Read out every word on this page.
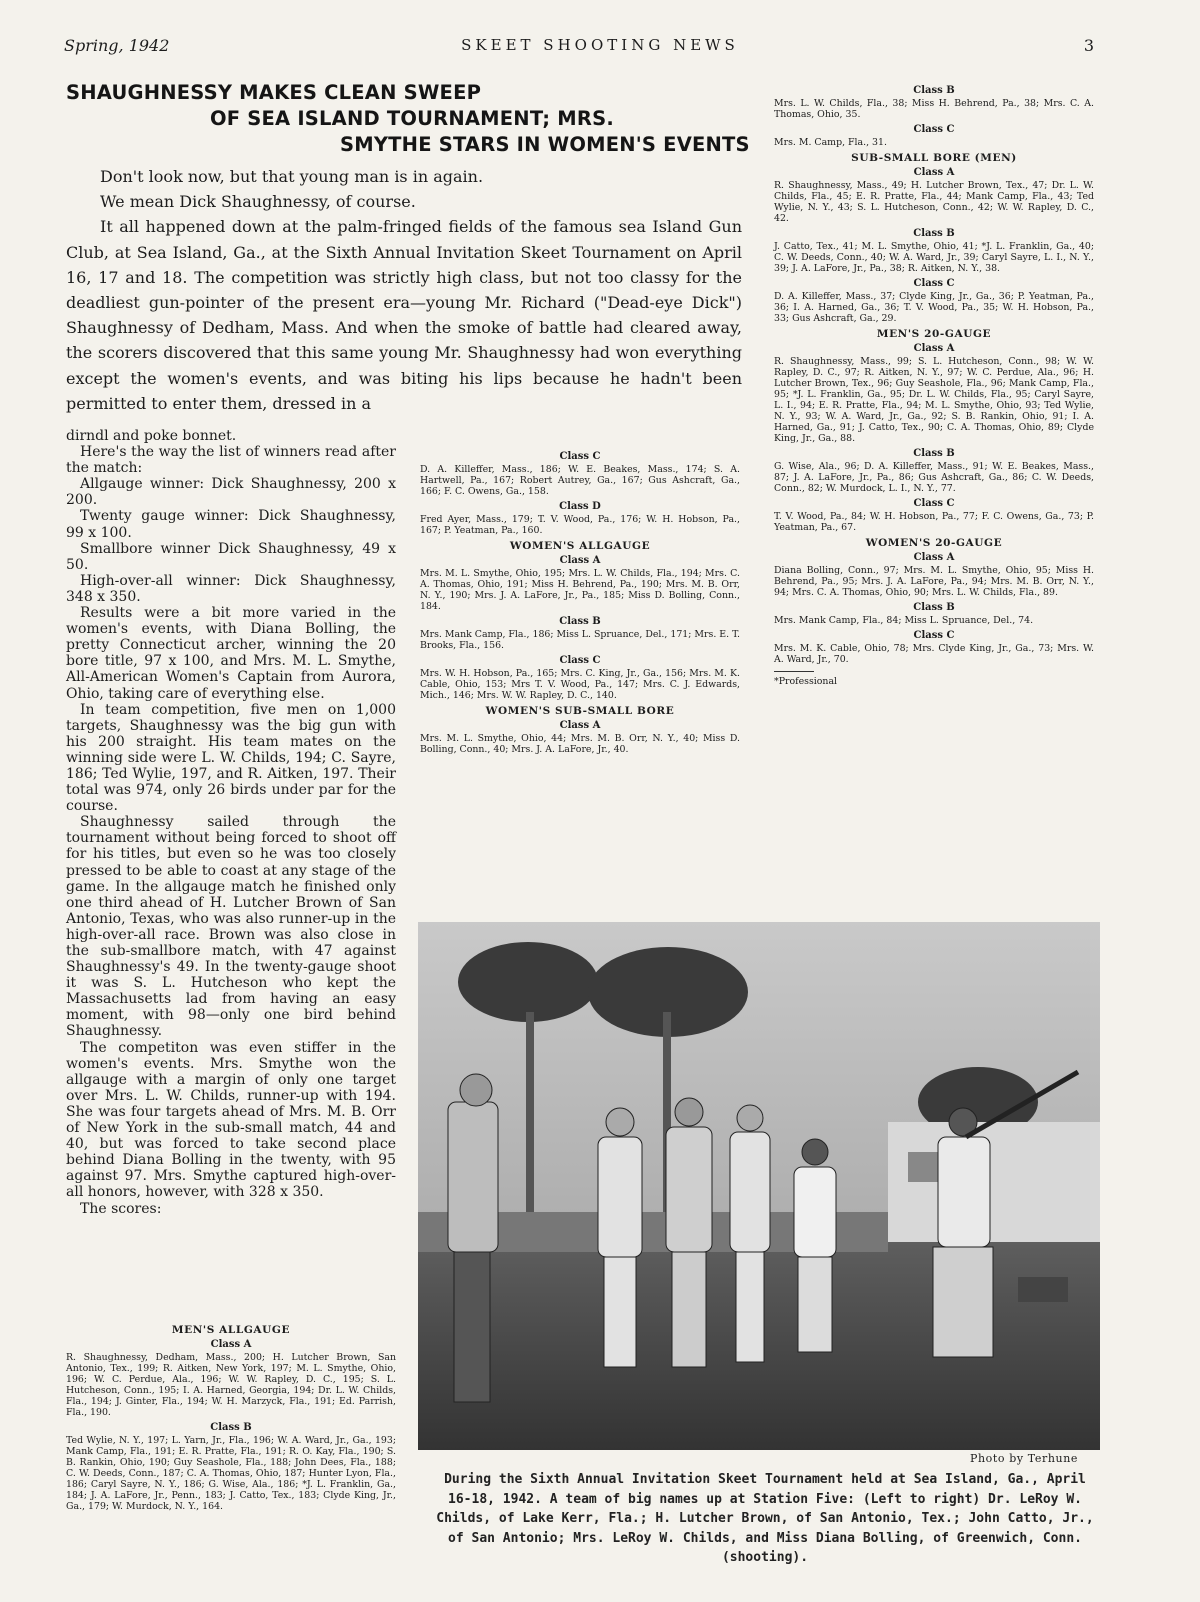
Spring, 1942	SKEET SHOOTING NEWS	3
SHAUGHNESSY MAKES CLEAN SWEEP
OF SEA ISLAND TOURNAMENT; MRS.
SMYTHE STARS IN WOMEN'S EVENTS

Don't look now, but that young man is in again.

We mean Dick Shaughnessy, of course.

It all happened down at the palm-fringed fields of the famous sea Island Gun Club, at Sea Island, Ga., at the Sixth Annual Invitation Skeet Tournament on April 16, 17 and 18. The competition was strictly high class, but not too classy for the deadliest gun-pointer of the present era—young Mr. Richard ("Dead-eye Dick") Shaughnessy of Dedham, Mass. And when the smoke of battle had cleared away, the scorers discovered that this same young Mr. Shaughnessy had won everything except the women's events, and was biting his lips because he hadn't been permitted to enter them, dressed in a

dirndl and poke bonnet.

Here's the way the list of winners read after the match:

Allgauge winner: Dick Shaughnessy, 200 x 200.

Twenty gauge winner: Dick Shaughnessy, 99 x 100.

Smallbore winner Dick Shaughnessy, 49 x 50.

High-over-all winner: Dick Shaughnessy, 348 x 350.

Results were a bit more varied in the women's events, with Diana Bolling, the pretty Connecticut archer, winning the 20 bore title, 97 x 100, and Mrs. M. L. Smythe, All-American Women's Captain from Aurora, Ohio, taking care of everything else.

In team competition, five men on 1,000 targets, Shaughnessy was the big gun with his 200 straight. His team mates on the winning side were L. W. Childs, 194; C. Sayre, 186; Ted Wylie, 197, and R. Aitken, 197. Their total was 974, only 26 birds under par for the course.

Shaughnessy sailed through the tournament without being forced to shoot off for his titles, but even so he was too closely pressed to be able to coast at any stage of the game. In the allgauge match he finished only one third ahead of H. Lutcher Brown of San Antonio, Texas, who was also runner-up in the high-over-all race. Brown was also close in the sub-smallbore match, with 47 against Shaughnessy's 49. In the twenty-gauge shoot it was S. L. Hutcheson who kept the Massachusetts lad from having an easy moment, with 98—only one bird behind Shaughnessy.

The competiton was even stiffer in the women's events. Mrs. Smythe won the allgauge with a margin of only one target over Mrs. L. W. Childs, runner-up with 194. She was four targets ahead of Mrs. M. B. Orr of New York in the sub-small match, 44 and 40, but was forced to take second place behind Diana Bolling in the twenty, with 95 against 97. Mrs. Smythe captured high-over-all honors, however, with 328 x 350.

The scores:

MEN'S ALLGAUGE
Class A

R. Shaughnessy, Dedham, Mass., 200; H. Lutcher Brown, San Antonio, Tex., 199; R. Aitken, New York, 197; M. L. Smythe, Ohio, 196; W. C. Perdue, Ala., 196; W. W. Rapley, D. C., 195; S. L. Hutcheson, Conn., 195; I. A. Harned, Georgia, 194; Dr. L. W. Childs, Fla., 194; J. Ginter, Fla., 194; W. H. Marzyck, Fla., 191; Ed. Parrish, Fla., 190.

Class B

Ted Wylie, N. Y., 197; L. Yarn, Jr., Fla., 196; W. A. Ward, Jr., Ga., 193; Mank Camp, Fla., 191; E. R. Pratte, Fla., 191; R. O. Kay, Fla., 190; S. B. Rankin, Ohio, 190; Guy Seashole, Fla., 188; John Dees, Fla., 188; C. W. Deeds, Conn., 187; C. A. Thomas, Ohio, 187; Hunter Lyon, Fla., 186; Caryl Sayre, N. Y., 186; G. Wise, Ala., 186; *J. L. Franklin, Ga., 184; J. A. LaFore, Jr., Penn., 183; J. Catto, Tex., 183; Clyde King, Jr., Ga., 179; W. Murdock, N. Y., 164.

Class C

D. A. Killeffer, Mass., 186; W. E. Beakes, Mass., 174; S. A. Hartwell, Pa., 167; Robert Autrey, Ga., 167; Gus Ashcraft, Ga., 166; F. C. Owens, Ga., 158.

Class D

Fred Ayer, Mass., 179; T. V. Wood, Pa., 176; W. H. Hobson, Pa., 167; P. Yeatman, Pa., 160.

WOMEN'S ALLGAUGE
Class A

Mrs. M. L. Smythe, Ohio, 195; Mrs. L. W. Childs, Fla., 194; Mrs. C. A. Thomas, Ohio, 191; Miss H. Behrend, Pa., 190; Mrs. M. B. Orr, N. Y., 190; Mrs. J. A. LaFore, Jr., Pa., 185; Miss D. Bolling, Conn., 184.

Class B

Mrs. Mank Camp, Fla., 186; Miss L. Spruance, Del., 171; Mrs. E. T. Brooks, Fla., 156.

Class C

Mrs. W. H. Hobson, Pa., 165; Mrs. C. King, Jr., Ga., 156; Mrs. M. K. Cable, Ohio, 153; Mrs T. V. Wood, Pa., 147; Mrs. C. J. Edwards, Mich., 146; Mrs. W. W. Rapley, D. C., 140.

WOMEN'S SUB-SMALL BORE
Class A

Mrs. M. L. Smythe, Ohio, 44; Mrs. M. B. Orr, N. Y., 40; Miss D. Bolling, Conn., 40; Mrs. J. A. LaFore, Jr., 40.

Class B

Mrs. L. W. Childs, Fla., 38; Miss H. Behrend, Pa., 38; Mrs. C. A. Thomas, Ohio, 35.

Class C

Mrs. M. Camp, Fla., 31.

SUB-SMALL BORE (MEN)
Class A

R. Shaughnessy, Mass., 49; H. Lutcher Brown, Tex., 47; Dr. L. W. Childs, Fla., 45; E. R. Pratte, Fla., 44; Mank Camp, Fla., 43; Ted Wylie, N. Y., 43; S. L. Hutcheson, Conn., 42; W. W. Rapley, D. C., 42.

Class B

J. Catto, Tex., 41; M. L. Smythe, Ohio, 41; *J. L. Franklin, Ga., 40; C. W. Deeds, Conn., 40; W. A. Ward, Jr., 39; Caryl Sayre, L. I., N. Y., 39; J. A. LaFore, Jr., Pa., 38; R. Aitken, N. Y., 38.

Class C

D. A. Killeffer, Mass., 37; Clyde King, Jr., Ga., 36; P. Yeatman, Pa., 36; I. A. Harned, Ga., 36; T. V. Wood, Pa., 35; W. H. Hobson, Pa., 33; Gus Ashcraft, Ga., 29.

MEN'S 20-GAUGE
Class A

R. Shaughnessy, Mass., 99; S. L. Hutcheson, Conn., 98; W. W. Rapley, D. C., 97; R. Aitken, N. Y., 97; W. C. Perdue, Ala., 96; H. Lutcher Brown, Tex., 96; Guy Seashole, Fla., 96; Mank Camp, Fla., 95; *J. L. Franklin, Ga., 95; Dr. L. W. Childs, Fla., 95; Caryl Sayre, L. I., 94; E. R. Pratte, Fla., 94; M. L. Smythe, Ohio, 93; Ted Wylie, N. Y., 93; W. A. Ward, Jr., Ga., 92; S. B. Rankin, Ohio, 91; I. A. Harned, Ga., 91; J. Catto, Tex., 90; C. A. Thomas, Ohio, 89; Clyde King, Jr., Ga., 88.

Class B

G. Wise, Ala., 96; D. A. Killeffer, Mass., 91; W. E. Beakes, Mass., 87; J. A. LaFore, Jr., Pa., 86; Gus Ashcraft, Ga., 86; C. W. Deeds, Conn., 82; W. Murdock, L. I., N. Y., 77.

Class C

T. V. Wood, Pa., 84; W. H. Hobson, Pa., 77; F. C. Owens, Ga., 73; P. Yeatman, Pa., 67.

WOMEN'S 20-GAUGE
Class A

Diana Bolling, Conn., 97; Mrs. M. L. Smythe, Ohio, 95; Miss H. Behrend, Pa., 95; Mrs. J. A. LaFore, Pa., 94; Mrs. M. B. Orr, N. Y., 94; Mrs. C. A. Thomas, Ohio, 90; Mrs. L. W. Childs, Fla., 89.

Class B

Mrs. Mank Camp, Fla., 84; Miss L. Spruance, Del., 74.

Class C

Mrs. M. K. Cable, Ohio, 78; Mrs. Clyde King, Jr., Ga., 73; Mrs. W. A. Ward, Jr., 70.

*Professional

Photo by Terhune
During the Sixth Annual Invitation Skeet Tournament held at Sea Island, Ga., April 16-18, 1942. A team of big names up at Station Five: (Left to right) Dr. LeRoy W. Childs, of Lake Kerr, Fla.; H. Lutcher Brown, of San Antonio, Tex.; John Catto, Jr., of San Antonio; Mrs. LeRoy W. Childs, and Miss Diana Bolling, of Greenwich, Conn. (shooting).
